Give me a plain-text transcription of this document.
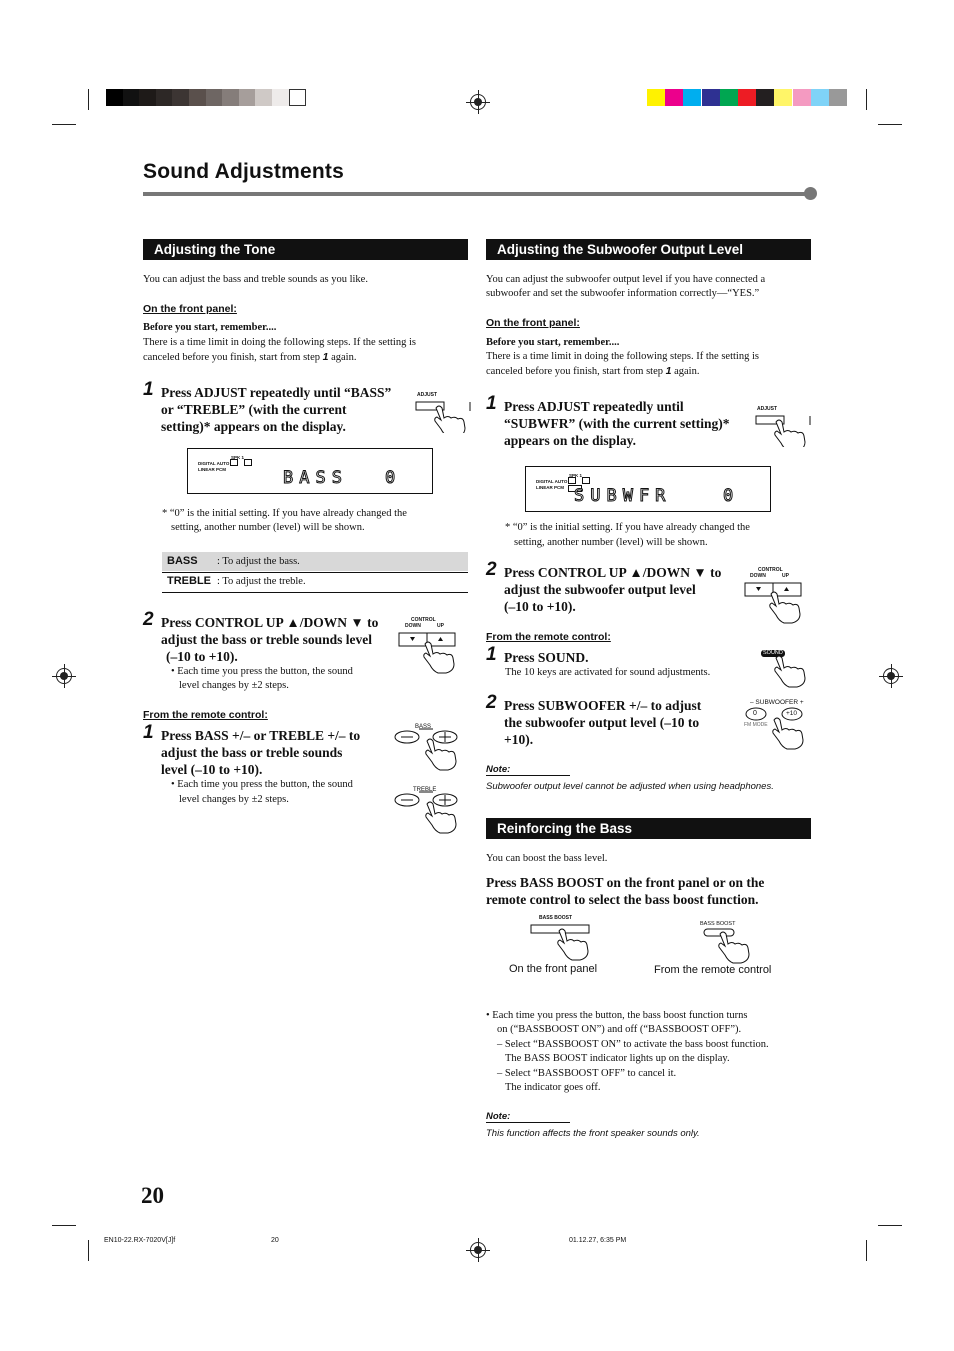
Sound Adjustments
Adjusting the Tone
You can adjust the bass and treble sounds as you like.
On the front panel:
Before you start, remember....
There is a time limit in doing the following steps. If the setting is
canceled before you finish, start from step 1 again.
1 Press ADJUST repeatedly until “BASS”
or “TREBLE” (with the current
setting)* appears on the display.
ADJUST
SPK 1
DIGITAL AUTO
LINEAR PCM	BASS 0
* “0” is the initial setting. If you have already changed the
setting, another number (level) will be shown.
BASS : To adjust the bass.
TREBLE : To adjust the treble.
2 Press CONTROL UP ▲/DOWN ▼ to
adjust the bass or treble sounds level
(–10 to +10).
• Each time you press the button, the sound
level changes by ±2 steps.
CONTROL
DOWN	UP
From the remote control:
1 Press BASS +/– or TREBLE +/– to
adjust the bass or treble sounds
level (–10 to +10).
• Each time you press the button, the sound
level changes by ±2 steps.
BASS
TREBLE
Adjusting the Subwoofer Output Level
You can adjust the subwoofer output level if you have connected a
subwoofer and set the subwoofer information correctly—“YES.”
On the front panel:
Before you start, remember....
There is a time limit in doing the following steps. If the setting is
canceled before you finish, start from step 1 again.
1 Press ADJUST repeatedly until
“SUBWFR” (with the current setting)*
appears on the display.
ADJUST
SPK 1
DIGITAL AUTO
LINEAR PCM SUBWFR	0
* “0” is the initial setting. If you have already changed the
setting, another number (level) will be shown.
2 Press CONTROL UP ▲/DOWN ▼ to
adjust the subwoofer output level
(–10 to +10).
CONTROL
DOWN	UP
From the remote control:
1 Press SOUND.
The 10 keys are activated for sound adjustments.
SOUND
2 Press SUBWOOFER +/– to adjust
the subwoofer output level (–10 to
+10).
– SUBWOOFER +
0	+10
FM MODE
Note:
Subwoofer output level cannot be adjusted when using headphones.
Reinforcing the Bass
You can boost the bass level.
Press BASS BOOST on the front panel or on the
remote control to select the bass boost function.
BASS BOOST
On the front panel
BASS BOOST
From the remote control
• Each time you press the button, the bass boost function turns
on (“BASSBOOST ON”) and off (“BASSBOOST OFF”).
– Select “BASSBOOST ON” to activate the bass boost function.
The BASS BOOST indicator lights up on the display.
– Select “BASSBOOST OFF” to cancel it.
The indicator goes off.
Note:
This function affects the front speaker sounds only.
20
EN10-22.RX-7020V[J]f	20	01.12.27, 6:35 PM
